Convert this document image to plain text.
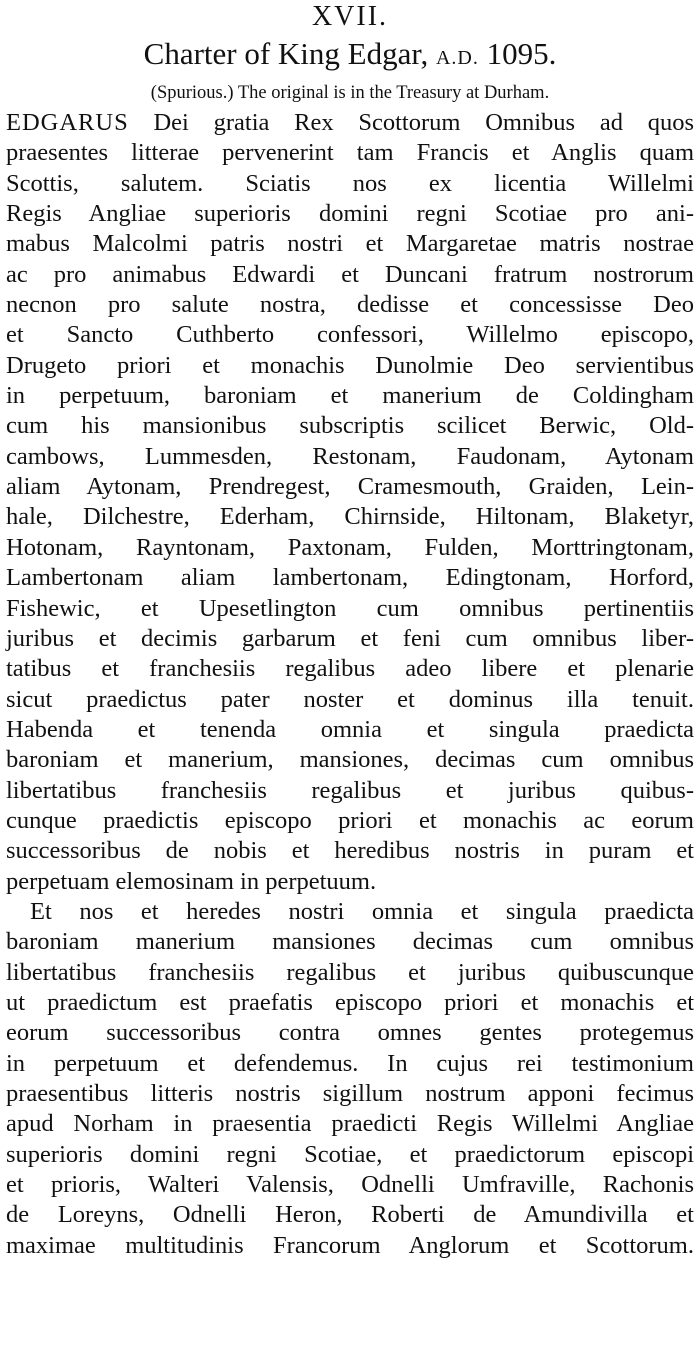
XVII.
Charter of King Edgar, A.D. 1095.

(Spurious.) The original is in the Treasury at Durham.

EDGARUS Dei gratia Rex Scottorum Omnibus ad quos
praesentes litterae pervenerint tam Francis et Anglis quam
Scottis, salutem. Sciatis nos ex licentia Willelmi
Regis Angliae superioris domini regni Scotiae pro ani-
mabus Malcolmi patris nostri et Margaretae matris nostrae
ac pro animabus Edwardi et Duncani fratrum nostrorum
necnon pro salute nostra, dedisse et concessisse Deo
et Sancto Cuthberto confessori, Willelmo episcopo,
Drugeto priori et monachis Dunolmie Deo servientibus
in perpetuum, baroniam et manerium de Coldingham
cum his mansionibus subscriptis scilicet Berwic, Old-
cambows, Lummesden, Restonam, Faudonam, Aytonam
aliam Aytonam, Prendregest, Cramesmouth, Graiden, Lein-
hale, Dilchestre, Ederham, Chirnside, Hiltonam, Blaketyr,
Hotonam, Rayntonam, Paxtonam, Fulden, Morttringtonam,
Lambertonam aliam lambertonam, Edingtonam, Horford,
Fishewic, et Upesetlington cum omnibus pertinentiis
juribus et decimis garbarum et feni cum omnibus liber-
tatibus et franchesiis regalibus adeo libere et plenarie
sicut praedictus pater noster et dominus illa tenuit.
Habenda et tenenda omnia et singula praedicta
baroniam et manerium, mansiones, decimas cum omnibus
libertatibus franchesiis regalibus et juribus quibus-
cunque praedictis episcopo priori et monachis ac eorum
successoribus de nobis et heredibus nostris in puram et
perpetuam elemosinam in perpetuum.
Et nos et heredes nostri omnia et singula praedicta
baroniam manerium mansiones decimas cum omnibus
libertatibus franchesiis regalibus et juribus quibuscunque
ut praedictum est praefatis episcopo priori et monachis et
eorum successoribus contra omnes gentes protegemus
in perpetuum et defendemus. In cujus rei testimonium
praesentibus litteris nostris sigillum nostrum apponi fecimus
apud Norham in praesentia praedicti Regis Willelmi Angliae
superioris domini regni Scotiae, et praedictorum episcopi
et prioris, Walteri Valensis, Odnelli Umfraville, Rachonis
de Loreyns, Odnelli Heron, Roberti de Amundivilla et
maximae multitudinis Francorum Anglorum et Scottorum.
